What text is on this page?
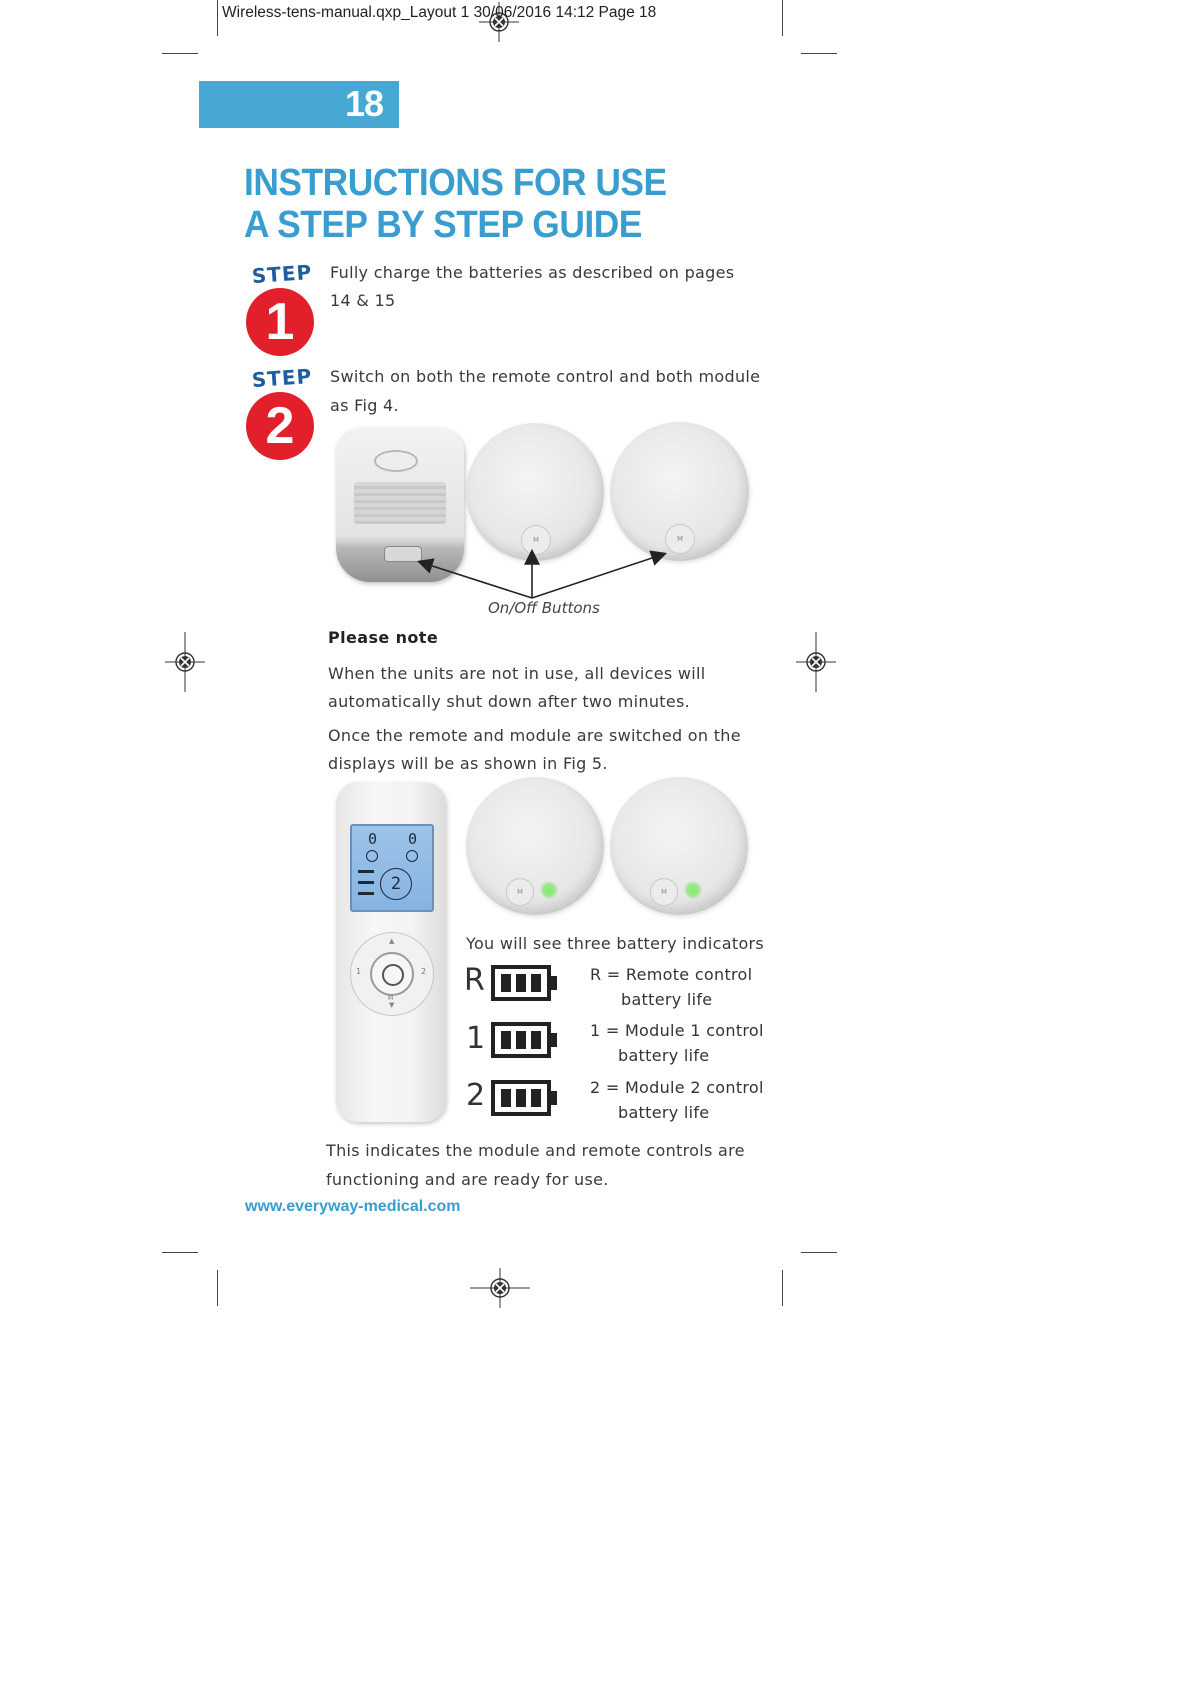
Wireless-tens-manual.qxp_Layout 1 30/06/2016 14:12 Page 18
18
INSTRUCTIONS FOR USE
A STEP BY STEP GUIDE
STEP
1
Fully charge the batteries as described on pages 14 & 15
STEP
2
Switch on both the remote control and both module
as Fig 4.
M	M
On/Off Buttons
Please note
When the units are not in use, all devices will
automatically shut down after two minutes.
Once the remote and module are switched on the
displays will be as shown in Fig 5.
0 0
2
▲
▼
1	2
M
M	M
You will see three battery indicators
R	R = Remote control
battery life
1	1 = Module 1 control
battery life
2	2 = Module 2 control
battery life
This indicates the module and remote controls are
functioning and are ready for use.
www.everyway-medical.com
